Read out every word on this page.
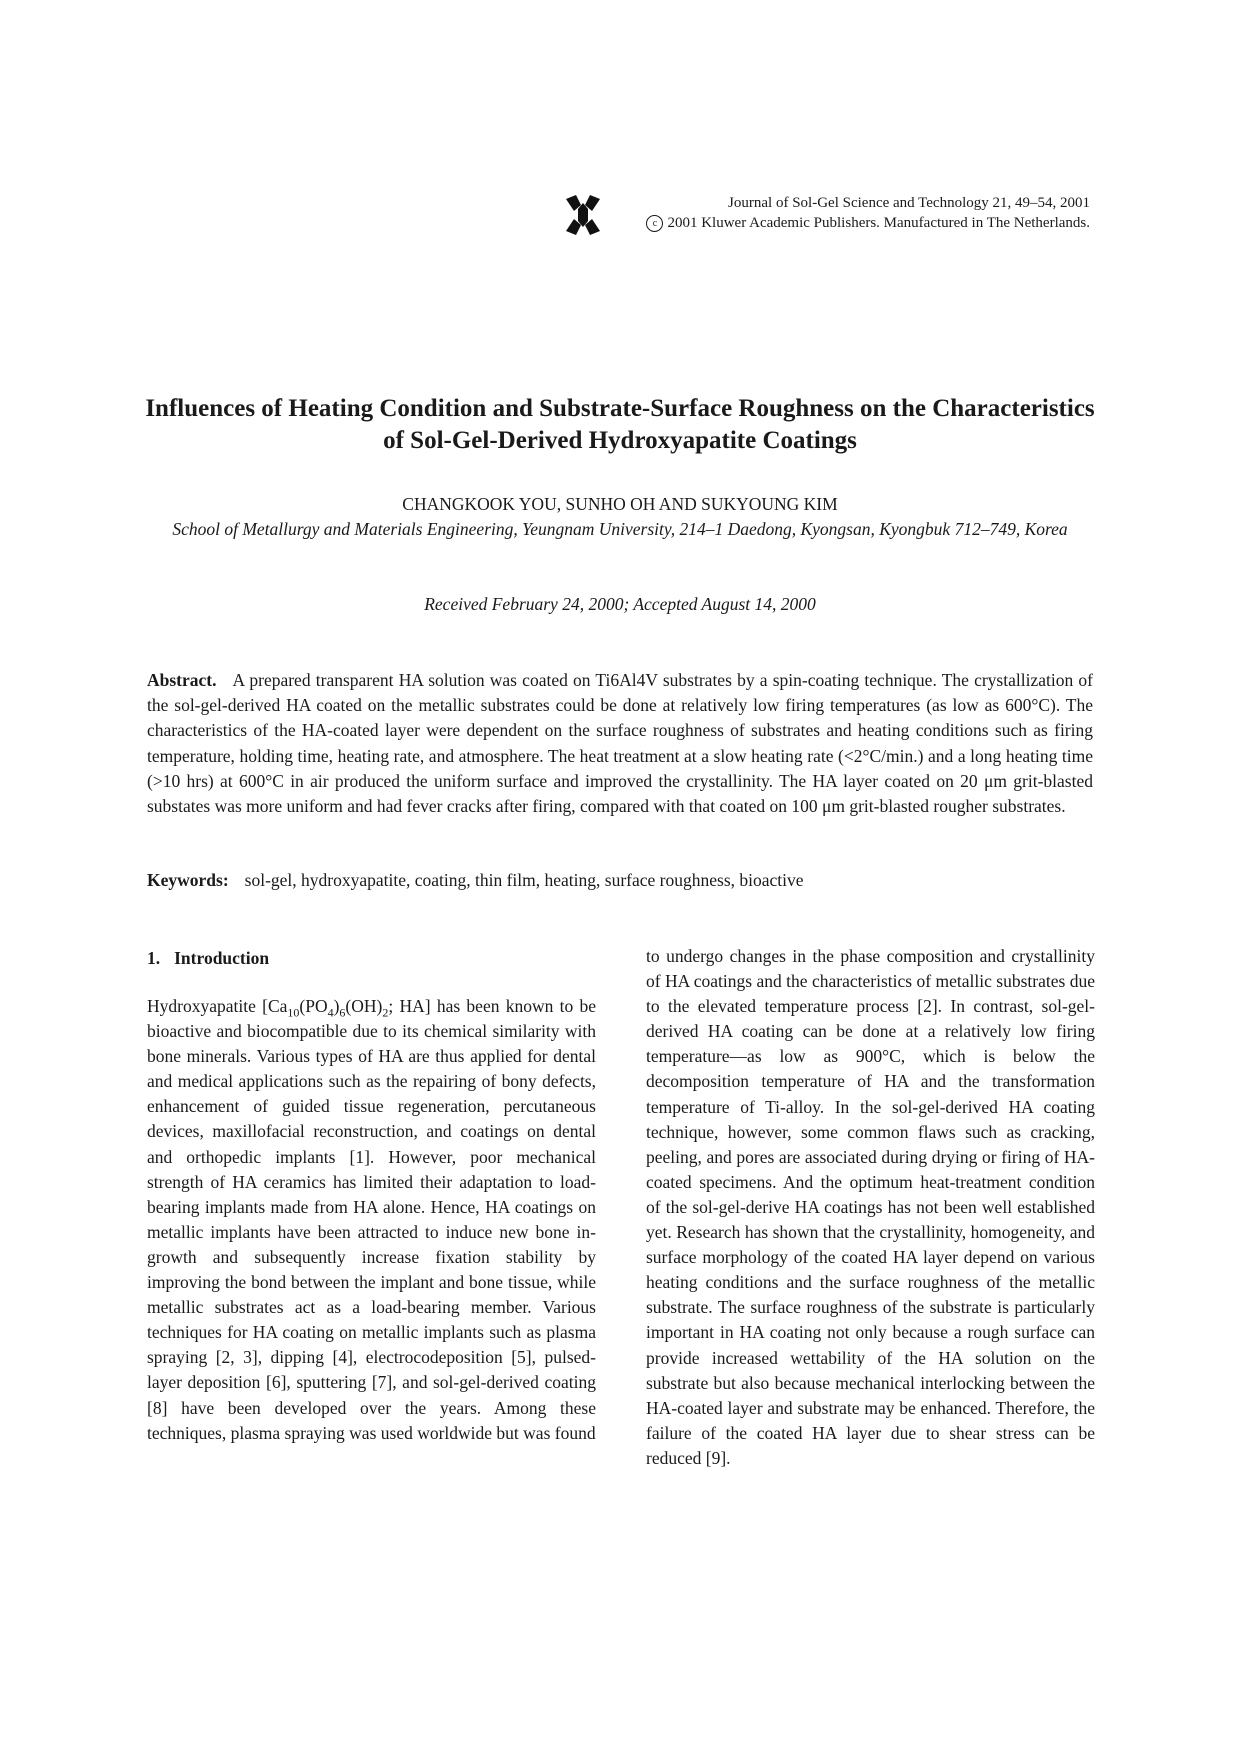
Journal of Sol-Gel Science and Technology 21, 49–54, 2001
c 2001 Kluwer Academic Publishers. Manufactured in The Netherlands.
Influences of Heating Condition and Substrate-Surface Roughness on the Characteristics of Sol-Gel-Derived Hydroxyapatite Coatings
CHANGKOOK YOU, SUNHO OH AND SUKYOUNG KIM
School of Metallurgy and Materials Engineering, Yeungnam University, 214–1 Daedong, Kyongsan, Kyongbuk 712–749, Korea
Received February 24, 2000; Accepted August 14, 2000

Abstract. A prepared transparent HA solution was coated on Ti6Al4V substrates by a spin-coating technique. The crystallization of the sol-gel-derived HA coated on the metallic substrates could be done at relatively low firing temperatures (as low as 600°C). The characteristics of the HA-coated layer were dependent on the surface roughness of substrates and heating conditions such as firing temperature, holding time, heating rate, and atmosphere. The heat treatment at a slow heating rate (<2°C/min.) and a long heating time (>10 hrs) at 600°C in air produced the uniform surface and improved the crystallinity. The HA layer coated on 20 μm grit-blasted substates was more uniform and had fever cracks after firing, compared with that coated on 100 μm grit-blasted rougher substrates.

Keywords: sol-gel, hydroxyapatite, coating, thin film, heating, surface roughness, bioactive

1. Introduction

Hydroxyapatite [$Ca_{10}(PO_4)_6(OH)_2$; HA] has been known to be bioactive and biocompatible due to its chemical similarity with bone minerals. Various types of HA are thus applied for dental and medical applications such as the repairing of bony defects, enhancement of guided tissue regeneration, percutaneous devices, maxillofacial reconstruction, and coatings on dental and orthopedic implants [1]. However, poor mechanical strength of HA ceramics has limited their adaptation to load-bearing implants made from HA alone. Hence, HA coatings on metallic implants have been attracted to induce new bone in-growth and subsequently increase fixation stability by improving the bond between the implant and bone tissue, while metallic substrates act as a load-bearing member. Various techniques for HA coating on metallic implants such as plasma spraying [2, 3], dipping [4], electrocodeposition [5], pulsed-layer deposition [6], sputtering [7], and sol-gel-derived coating [8] have been developed over the years. Among these techniques, plasma spraying was used worldwide but was found

to undergo changes in the phase composition and crystallinity of HA coatings and the characteristics of metallic substrates due to the elevated temperature process [2]. In contrast, sol-gel-derived HA coating can be done at a relatively low firing temperature—as low as 900°C, which is below the decomposition temperature of HA and the transformation temperature of Ti-alloy. In the sol-gel-derived HA coating technique, however, some common flaws such as cracking, peeling, and pores are associated during drying or firing of HA-coated specimens. And the optimum heat-treatment condition of the sol-gel-derive HA coatings has not been well established yet. Research has shown that the crystallinity, homogeneity, and surface morphology of the coated HA layer depend on various heating conditions and the surface roughness of the metallic substrate. The surface roughness of the substrate is particularly important in HA coating not only because a rough surface can provide increased wettability of the HA solution on the substrate but also because mechanical interlocking between the HA-coated layer and substrate may be enhanced. Therefore, the failure of the coated HA layer due to shear stress can be reduced [9].
